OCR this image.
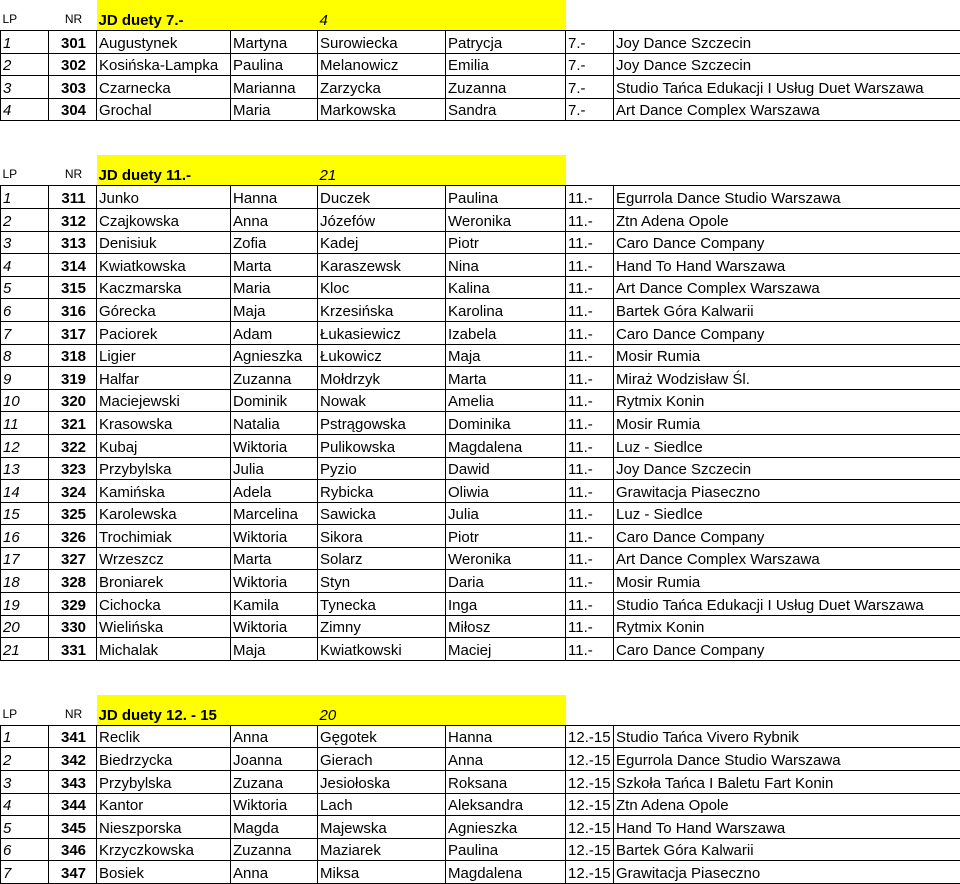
LP	NR	JD duety 7.-		4			
1	301	Augustynek	Martyna	Surowiecka	Patrycja	7.-	Joy Dance Szczecin
2	302	Kosińska-Lampka	Paulina	Melanowicz	Emilia	7.-	Joy Dance Szczecin
3	303	Czarnecka	Marianna	Zarzycka	Zuzanna	7.-	Studio Tańca Edukacji I Usług Duet Warszawa
4	304	Grochal	Maria	Markowska	Sandra	7.-	Art Dance Complex Warszawa
LP	NR	JD duety 11.-		21			
1	311	Junko	Hanna	Duczek	Paulina	11.-	Egurrola Dance Studio Warszawa
2	312	Czajkowska	Anna	Józefów	Weronika	11.-	Ztn Adena Opole
3	313	Denisiuk	Zofia	Kadej	Piotr	11.-	Caro Dance Company
4	314	Kwiatkowska	Marta	Karaszewsk	Nina	11.-	Hand To Hand Warszawa
5	315	Kaczmarska	Maria	Kloc	Kalina	11.-	Art Dance Complex Warszawa
6	316	Górecka	Maja	Krzesińska	Karolina	11.-	Bartek Góra Kalwarii
7	317	Paciorek	Adam	Łukasiewicz	Izabela	11.-	Caro Dance Company
8	318	Ligier	Agnieszka	Łukowicz	Maja	11.-	Mosir Rumia
9	319	Halfar	Zuzanna	Mołdrzyk	Marta	11.-	Miraż Wodzisław Śl.
10	320	Maciejewski	Dominik	Nowak	Amelia	11.-	Rytmix Konin
11	321	Krasowska	Natalia	Pstrągowska	Dominika	11.-	Mosir Rumia
12	322	Kubaj	Wiktoria	Pulikowska	Magdalena	11.-	Luz - Siedlce
13	323	Przybylska	Julia	Pyzio	Dawid	11.-	Joy Dance Szczecin
14	324	Kamińska	Adela	Rybicka	Oliwia	11.-	Grawitacja Piaseczno
15	325	Karolewska	Marcelina	Sawicka	Julia	11.-	Luz - Siedlce
16	326	Trochimiak	Wiktoria	Sikora	Piotr	11.-	Caro Dance Company
17	327	Wrzeszcz	Marta	Solarz	Weronika	11.-	Art Dance Complex Warszawa
18	328	Broniarek	Wiktoria	Styn	Daria	11.-	Mosir Rumia
19	329	Cichocka	Kamila	Tynecka	Inga	11.-	Studio Tańca Edukacji I Usług Duet Warszawa
20	330	Wielińska	Wiktoria	Zimny	Miłosz	11.-	Rytmix Konin
21	331	Michalak	Maja	Kwiatkowski	Maciej	11.-	Caro Dance Company
LP	NR	JD duety 12. - 15		20			
1	341	Reclik	Anna	Gęgotek	Hanna	12.-15	Studio Tańca Vivero Rybnik
2	342	Biedrzycka	Joanna	Gierach	Anna	12.-15	Egurrola Dance Studio Warszawa
3	343	Przybylska	Zuzana	Jesiołoska	Roksana	12.-15	Szkoła Tańca I Baletu Fart Konin
4	344	Kantor	Wiktoria	Lach	Aleksandra	12.-15	Ztn Adena Opole
5	345	Nieszporska	Magda	Majewska	Agnieszka	12.-15	Hand To Hand Warszawa
6	346	Krzyczkowska	Zuzanna	Maziarek	Paulina	12.-15	Bartek Góra Kalwarii
7	347	Bosiek	Anna	Miksa	Magdalena	12.-15	Grawitacja Piaseczno
